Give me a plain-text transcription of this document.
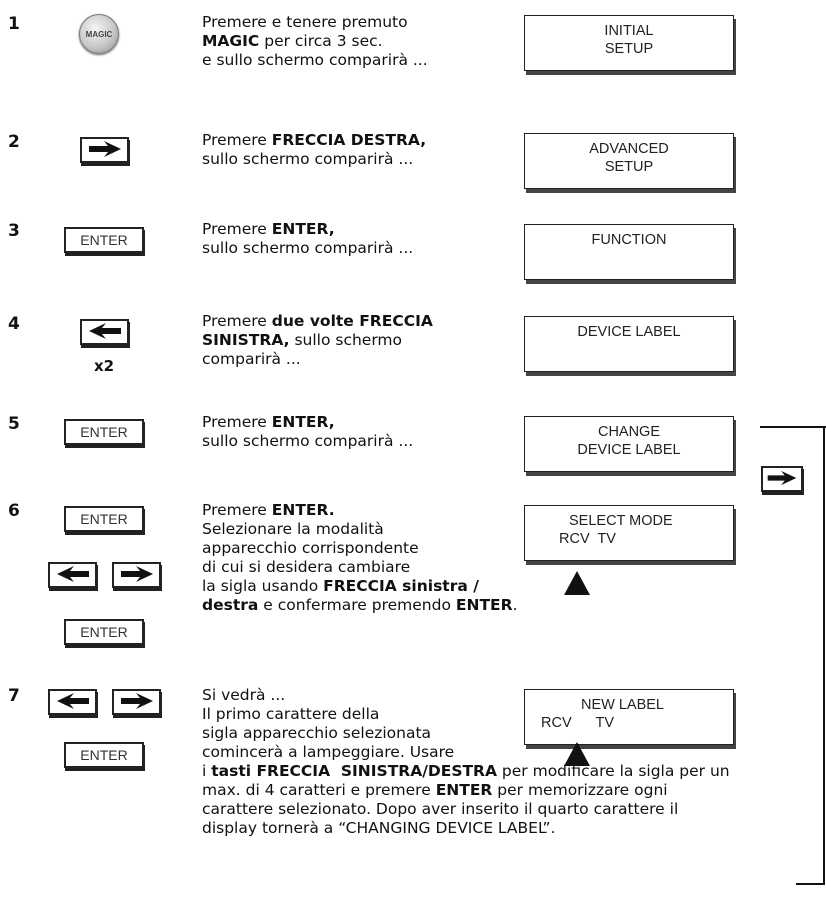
1
2
3
4
5
6
7
MAGIC
Premere e tenere premuto
MAGIC per circa 3 sec.
e sullo schermo comparirà ...
INITIAL
SETUP
Premere FRECCIA DESTRA,
sullo schermo comparirà ...
ADVANCED
SETUP
ENTER
Premere ENTER,
sullo schermo comparirà ...	FUNCTION
x2
Premere due volte FRECCIA
SINISTRA, sullo schermo
comparirà ...
DEVICE LABEL
ENTER
Premere ENTER,
sullo schermo comparirà ...	CHANGE
DEVICE LABEL
ENTER
ENTER
Premere ENTER.
Selezionare la modalità
apparecchio corrispondente
di cui si desidera cambiare
la sigla usando FRECCIA sinistra /
destra e confermare premendo ENTER.
SELECT MODE
RCV  TV
ENTER
Si vedrà ...
Il primo carattere della
sigla apparecchio selezionata
comincerà a lampeggiare. Usare
i tasti FRECCIA  SINISTRA/DESTRA per modificare la sigla per un
max. di 4 caratteri e premere ENTER per memorizzare ogni
carattere selezionato. Dopo aver inserito il quarto carattere il
display tornerà a “CHANGING DEVICE LABEL”.
NEW LABEL
RCV      TV
